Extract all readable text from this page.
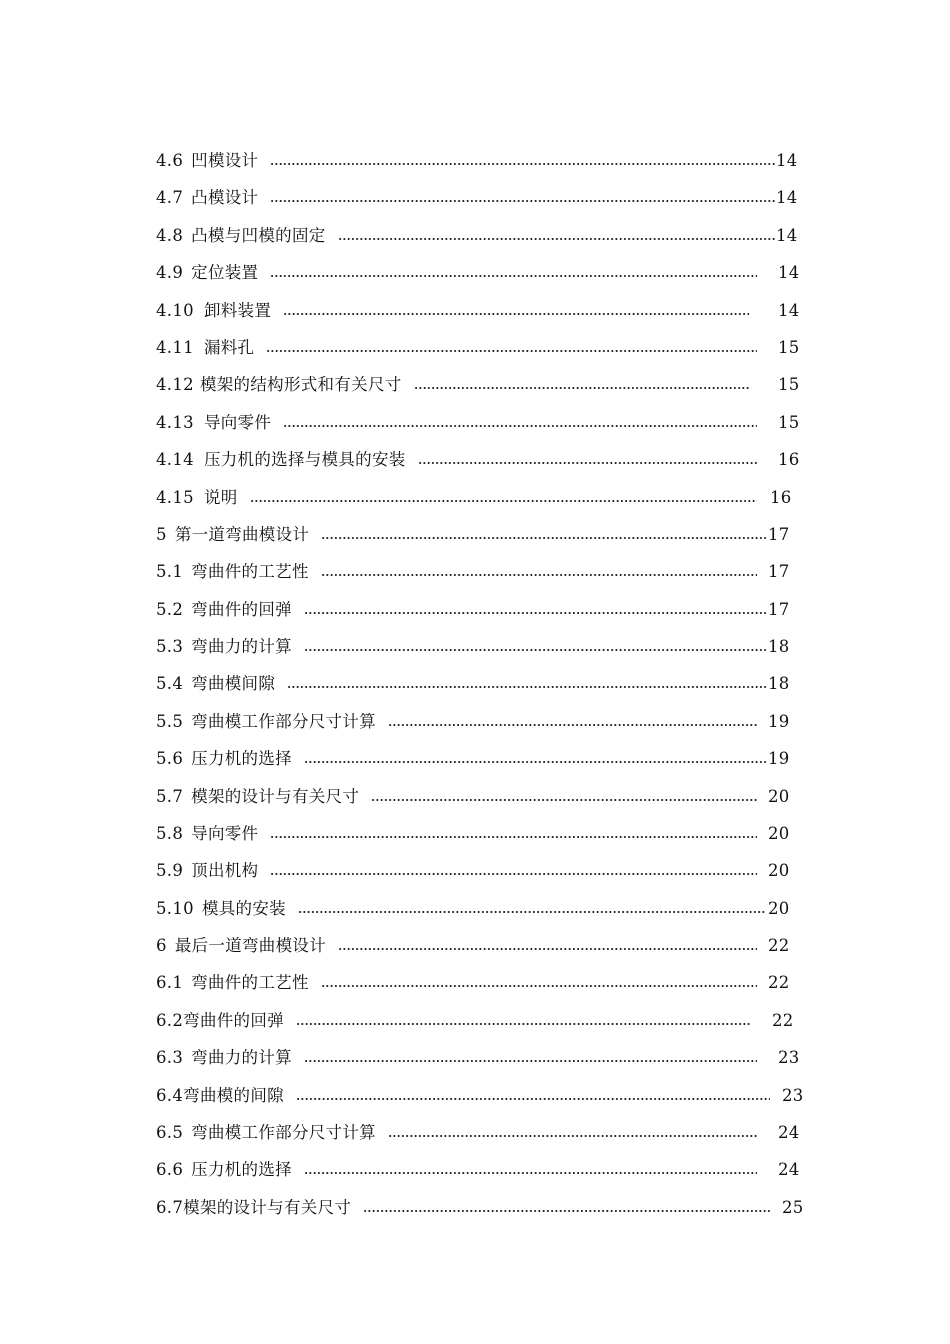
4.6 凹模设计	14
4.7 凸模设计	14
4.8 凸模与凹模的固定	14
4.9 定位装置	14
4.10 卸料装置	14
4.11 漏料孔	15
4.12 模架的结构形式和有关尺寸	15
4.13 导向零件	15
4.14 压力机的选择与模具的安装	16
4.15 说明	16
5 第一道弯曲模设计	17
5.1 弯曲件的工艺性	17
5.2 弯曲件的回弹	17
5.3 弯曲力的计算	18
5.4 弯曲模间隙	18
5.5 弯曲模工作部分尺寸计算	19
5.6 压力机的选择	19
5.7 模架的设计与有关尺寸	20
5.8 导向零件	20
5.9 顶出机构	20
5.10 模具的安装	20
6 最后一道弯曲模设计	22
6.1 弯曲件的工艺性	22
6.2弯曲件的回弹	22
6.3 弯曲力的计算	23
6.4弯曲模的间隙	23
6.5 弯曲模工作部分尺寸计算	24
6.6 压力机的选择	24
6.7模架的设计与有关尺寸	25
